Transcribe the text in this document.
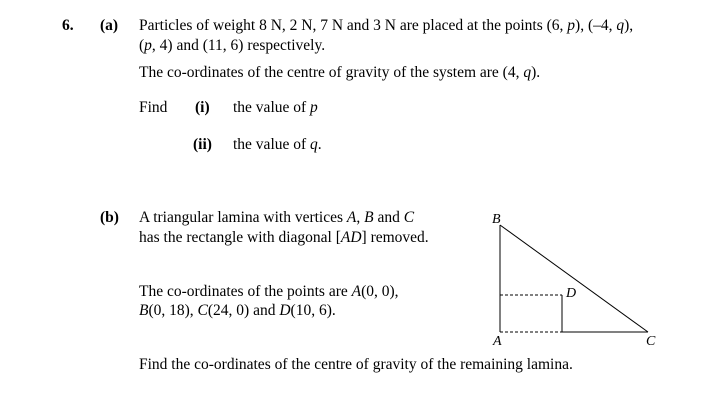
6. (a) Particles of weight 8 N, 2 N, 7 N and 3 N are placed at the points (6, p), (–4, q),
(p, 4) and (11, 6) respectively.
The co-ordinates of the centre of gravity of the system are (4, q).
Find (i) the value of p
(ii) the value of q.
(b) A triangular lamina with vertices A, B and C
has the rectangle with diagonal [AD] removed.
The co-ordinates of the points are A(0, 0),
B(0, 18), C(24, 0) and D(10, 6).
Find the co-ordinates of the centre of gravity of the remaining lamina.
B
D
A	C
